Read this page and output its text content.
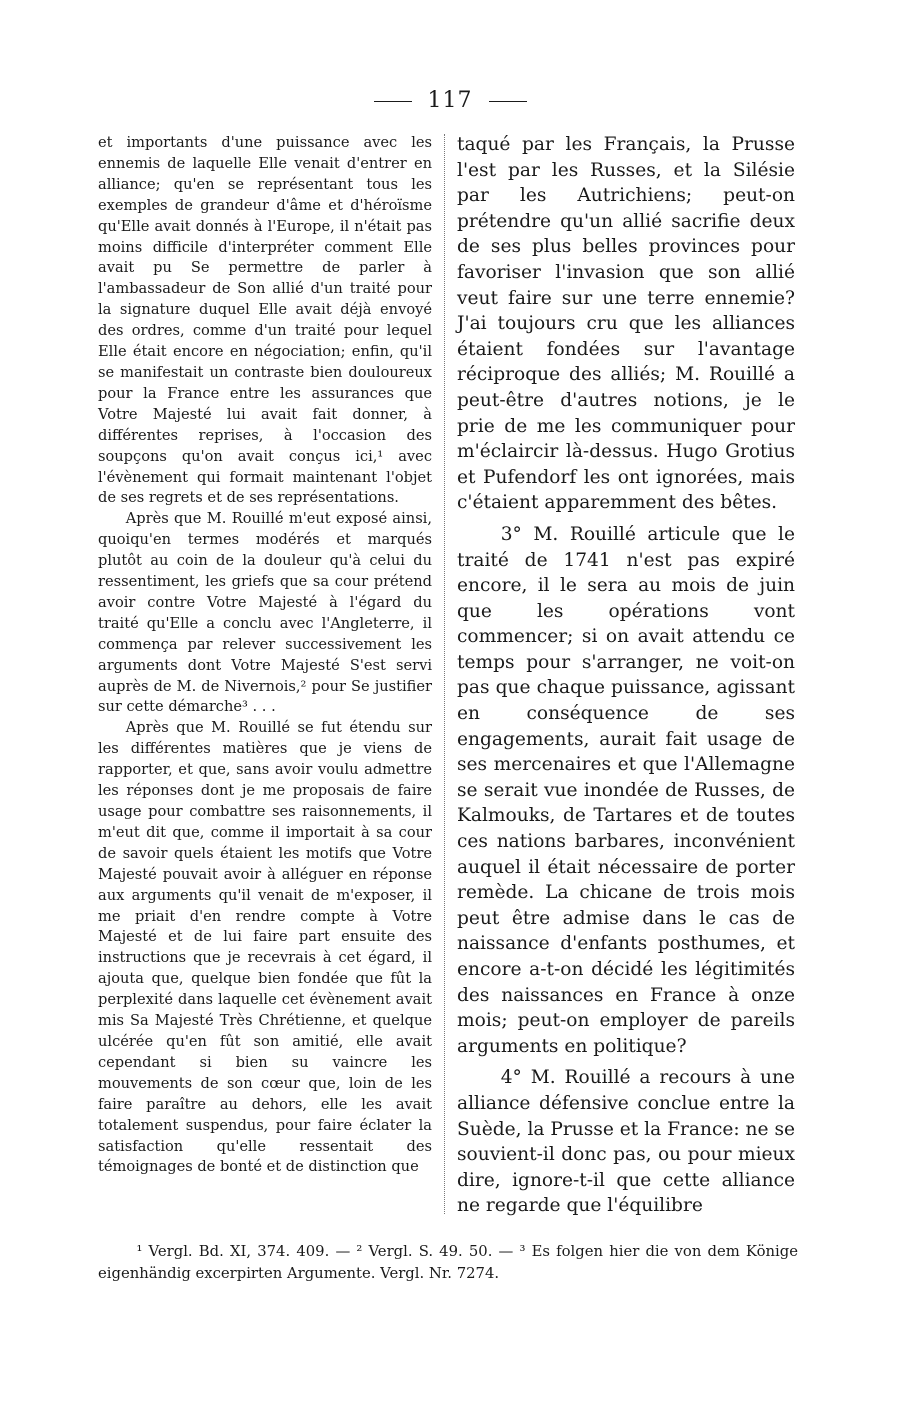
117

et importants d'une puissance avec les ennemis de laquelle Elle venait d'entrer en alliance; qu'en se représentant tous les exemples de grandeur d'âme et d'héroïsme qu'Elle avait donnés à l'Europe, il n'était pas moins difficile d'interpréter comment Elle avait pu Se permettre de parler à l'ambassadeur de Son allié d'un traité pour la signature duquel Elle avait déjà envoyé des ordres, comme d'un traité pour lequel Elle était encore en négociation; enfin, qu'il se manifestait un contraste bien douloureux pour la France entre les assurances que Votre Majesté lui avait fait donner, à différentes reprises, à l'occasion des soupçons qu'on avait conçus ici,¹ avec l'évènement qui formait maintenant l'objet de ses regrets et de ses représentations.

Après que M. Rouillé m'eut exposé ainsi, quoiqu'en termes modérés et marqués plutôt au coin de la douleur qu'à celui du ressentiment, les griefs que sa cour prétend avoir contre Votre Majesté à l'égard du traité qu'Elle a conclu avec l'Angleterre, il commença par relever successivement les arguments dont Votre Majesté S'est servi auprès de M. de Nivernois,² pour Se justifier sur cette démarche³ . . .

Après que M. Rouillé se fut étendu sur les différentes matières que je viens de rapporter, et que, sans avoir voulu admettre les réponses dont je me proposais de faire usage pour combattre ses raisonnements, il m'eut dit que, comme il importait à sa cour de savoir quels étaient les motifs que Votre Majesté pouvait avoir à alléguer en réponse aux arguments qu'il venait de m'exposer, il me priait d'en rendre compte à Votre Majesté et de lui faire part ensuite des instructions que je recevrais à cet égard, il ajouta que, quelque bien fondée que fût la perplexité dans laquelle cet évènement avait mis Sa Majesté Très Chrétienne, et quelque ulcérée qu'en fût son amitié, elle avait cependant si bien su vaincre les mouvements de son cœur que, loin de les faire paraître au dehors, elle les avait totalement suspendus, pour faire éclater la satisfaction qu'elle ressentait des témoignages de bonté et de distinction que

taqué par les Français, la Prusse l'est par les Russes, et la Silésie par les Autrichiens; peut-on prétendre qu'un allié sacrifie deux de ses plus belles provinces pour favoriser l'invasion que son allié veut faire sur une terre ennemie? J'ai toujours cru que les alliances étaient fondées sur l'avantage réciproque des alliés; M. Rouillé a peut-être d'autres notions, je le prie de me les communiquer pour m'éclaircir là-dessus. Hugo Grotius et Pufendorf les ont ignorées, mais c'étaient apparemment des bêtes.

3° M. Rouillé articule que le traité de 1741 n'est pas expiré encore, il le sera au mois de juin que les opérations vont commencer; si on avait attendu ce temps pour s'arranger, ne voit-on pas que chaque puissance, agissant en conséquence de ses engagements, aurait fait usage de ses mercenaires et que l'Allemagne se serait vue inondée de Russes, de Kalmouks, de Tartares et de toutes ces nations barbares, inconvénient auquel il était nécessaire de porter remède. La chicane de trois mois peut être admise dans le cas de naissance d'enfants posthumes, et encore a-t-on décidé les légitimités des naissances en France à onze mois; peut-on employer de pareils arguments en politique?

4° M. Rouillé a recours à une alliance défensive conclue entre la Suède, la Prusse et la France: ne se souvient-il donc pas, ou pour mieux dire, ignore-t-il que cette alliance ne regarde que l'équilibre

¹ Vergl. Bd. XI, 374. 409. — ² Vergl. S. 49. 50. — ³ Es folgen hier die von dem Könige eigenhändig excerpirten Argumente. Vergl. Nr. 7274.
